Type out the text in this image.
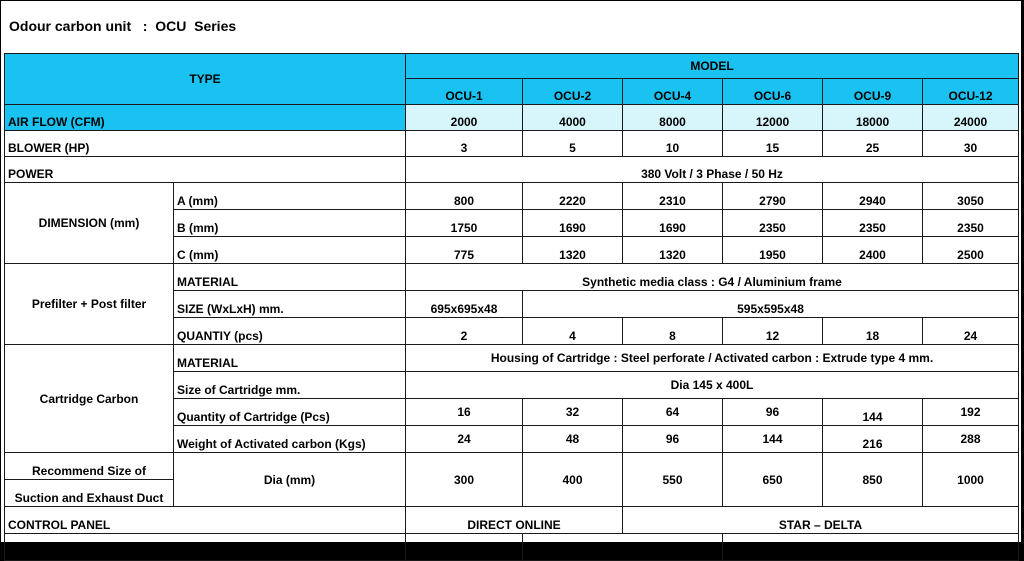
Odour carbon unit   :  OCU  Series
TYPE		MODEL					
		OCU-1	OCU-2	OCU-4	OCU-6	OCU-9	OCU-12
AIR FLOW (CFM)		2000	4000	8000	12000	18000	24000
BLOWER (HP)		3	5	10	15	25	30
POWER		380 Volt / 3 Phase / 50 Hz					
DIMENSION (mm)	A (mm)	800	2220	2310	2790	2940	3050
	B (mm)	1750	1690	1690	2350	2350	2350
	C (mm)	775	1320	1320	1950	2400	2500
Prefilter + Post filter	MATERIAL	Synthetic media class : G4 / Aluminium frame					
	SIZE (WxLxH) mm.	695x695x48	595x595x48				
	QUANTIY (pcs)	2	4	8	12	18	24
Cartridge Carbon	MATERIAL	Housing of Cartridge : Steel perforate / Activated carbon : Extrude type 4 mm.					
	Size of Cartridge mm.	Dia 145 x 400L					
	Quantity of Cartridge (Pcs)	16	32	64	96	144	192
	Weight of Activated carbon (Kgs)	24	48	96	144	216	288
Recommend Size of	Dia (mm)	300	400	550	650	850	1000
Suction and Exhaust Duct							
CONTROL PANEL		DIRECT ONLINE		STAR – DELTA			
FIGURE		1	2		3		
